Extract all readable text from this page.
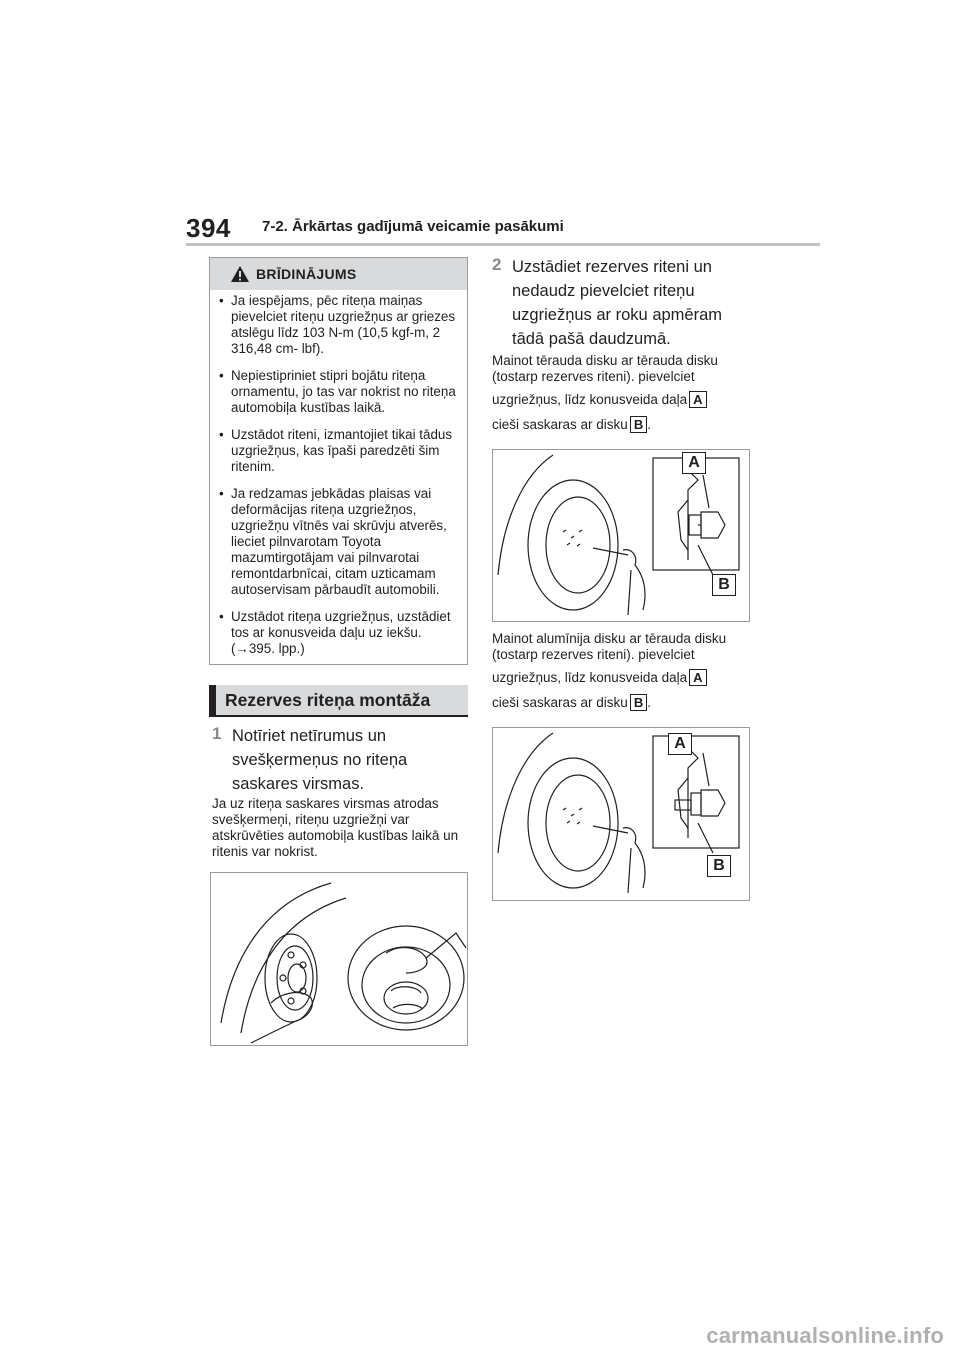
394 7-2. Ārkārtas gadījumā veicamie pasākumi
BRĪDINĀJUMS
• Ja iespējams, pēc riteņa maiņas pievelciet riteņu uzgriežņus ar griezes atslēgu līdz 103 N-m (10,5 kgf-m, 2 316,48 cm- lbf).
• Nepiestipriniet stipri bojātu riteņa ornamentu, jo tas var nokrist no riteņa automobiļa kustības laikā.
• Uzstādot riteni, izmantojiet tikai tādus uzgriežņus, kas īpaši paredzēti šim ritenim.
• Ja redzamas jebkādas plaisas vai deformācijas riteņa uzgriežņos, uzgriežņu vītnēs vai skrūvju atverēs, lieciet pilnvarotam Toyota mazumtirgotājam vai pilnvarotai remontdarbnīcai, citam uzticamam autoservisam pārbaudīt automobili.
• Uzstādot riteņa uzgriežņus, uzstādiet tos ar konusveida daļu uz iekšu. (→395. lpp.)
Rezerves riteņa montāža
1 Notīriet netīrumus un svešķermeņus no riteņa saskares virsmas.
Ja uz riteņa saskares virsmas atrodas svešķermeņi, riteņu uzgriežņi var atskrūvēties automobiļa kustības laikā un ritenis var nokrist.
2 Uzstādiet rezerves riteni un nedaudz pievelciet riteņu uzgriežņus ar roku apmēram tādā pašā daudzumā.
Mainot tērauda disku ar tērauda disku (tostarp rezerves riteni). pievelciet
uzgriežņus, līdz konusveida daļa A
cieši saskaras ar disku B .
A
B
Mainot alumīnija disku ar tērauda disku (tostarp rezerves riteni). pievelciet
uzgriežņus, līdz konusveida daļa A
cieši saskaras ar disku B .
A
B
carmanualsonline.info
